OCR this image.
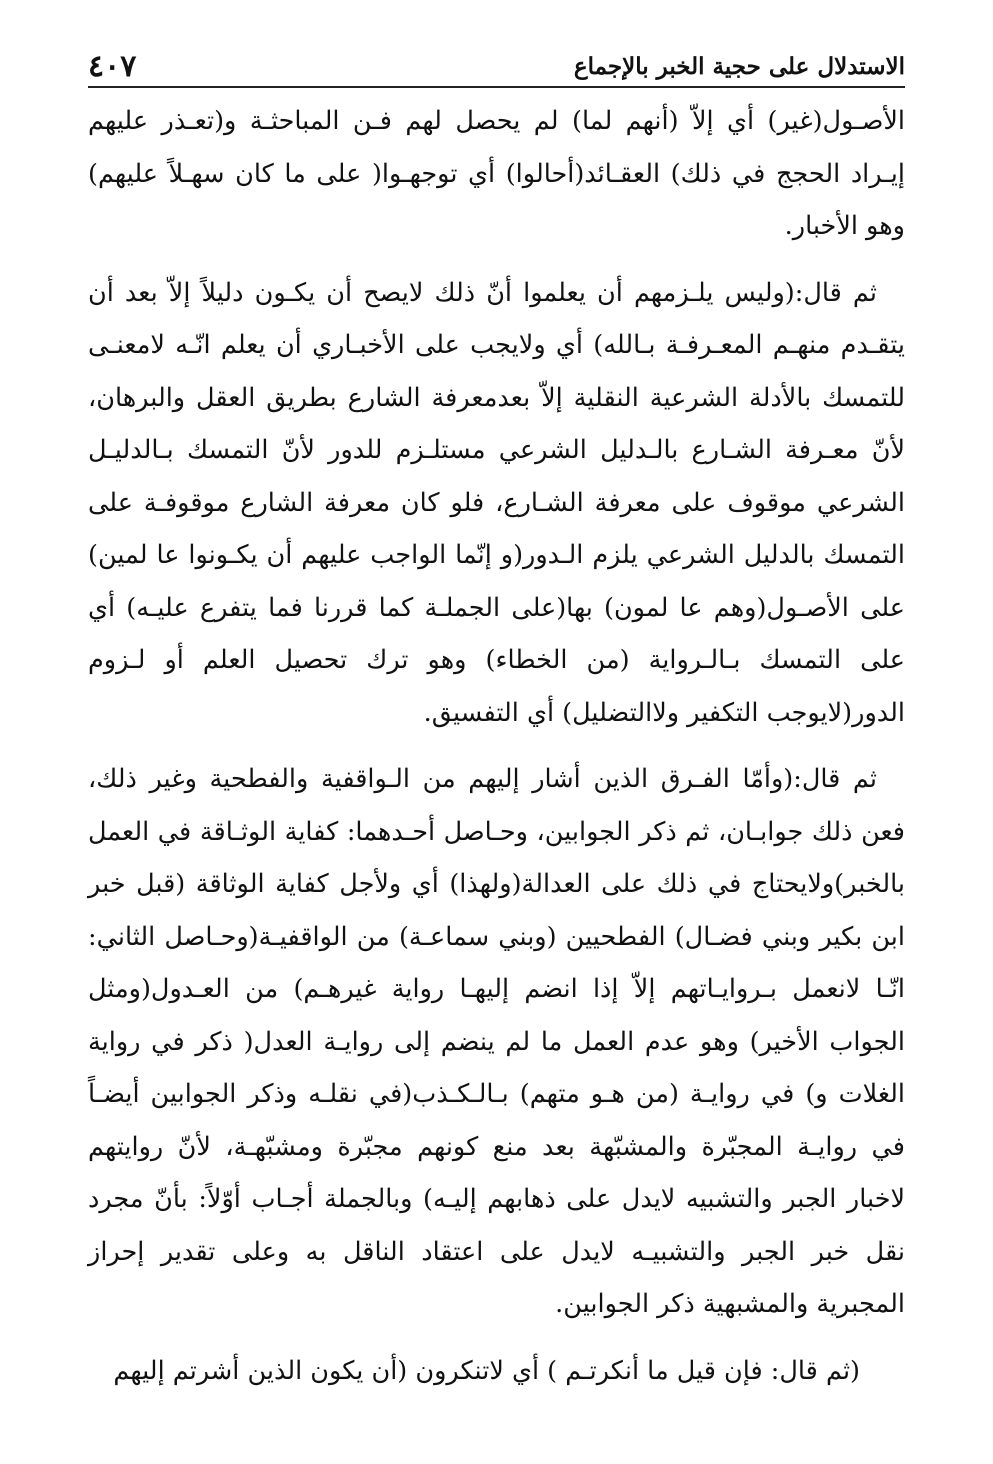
الاستدلال على حجية الخبر بالإجماع
٤٠٧

الأصـول(غير) أي إلاّ (أنهم لما) لم يحصل لهم فـن المباحثـة و(تعـذر عليهم إيـراد الحجج في ذلك) العقـائد(أحالوا) أي توجهـوا( على ما كان سهـلاً عليهم) وهو الأخبار.

ثم قال:(وليس يلـزمهم أن يعلموا أنّ ذلك لايصح أن يكـون دليلاً إلاّ بعد أن يتقـدم منهـم المعـرفـة بـالله) أي ولايجب على الأخبـاري أن يعلم انّـه لامعنـى للتمسك بالأدلة الشرعية النقلية إلاّ بعدمعرفة الشارع بطريق العقل والبرهان، لأنّ معـرفة الشـارع بالـدليل الشرعي مستلـزم للدور لأنّ التمسك بـالدليـل الشرعي موقوف على معرفة الشـارع، فلو كان معرفة الشارع موقوفـة على التمسك بالدليل الشرعي يلزم الـدور(و إنّما الواجب عليهم أن يكـونوا عا لمين) على الأصـول(وهم عا لمون) بها(على الجملـة كما قررنا فما يتفرع عليـه) أي على التمسك بـالـرواية (من الخطاء) وهو ترك تحصيل العلم أو لـزوم الدور(لايوجب التكفير ولاالتضليل) أي التفسيق.

ثم قال:(وأمّا الفـرق الذين أشار إليهم من الـواقفية والفطحية وغير ذلك، فعن ذلك جوابـان، ثم ذكر الجوابين، وحـاصل أحـدهما: كفاية الوثـاقة في العمل بالخبر)ولايحتاج في ذلك على العدالة(ولهذا) أي ولأجل كفاية الوثاقة (قبل خبر ابن بكير وبني فضـال) الفطحيين (وبني سماعـة) من الواقفيـة(وحـاصل الثاني: انّـا لانعمل بـروايـاتهم إلاّ إذا انضم إليهـا رواية غيرهـم) من العـدول(ومثل الجواب الأخير) وهو عدم العمل ما لم ينضم إلى روايـة العدل( ذكر في رواية الغلات و) في روايـة (من هـو متهم) بـالـكـذب(في نقلـه وذكر الجوابين أيضـاً في روايـة المجبّرة والمشبّهة بعد منع كونهم مجبّرة ومشبّهـة، لأنّ روايتهم لاخبار الجبر والتشبيه لايدل على ذهابهم إليـه) وبالجملة أجـاب أوّلاً: بأنّ مجرد نقل خبر الجبر والتشبيـه لايدل على اعتقاد الناقل به وعلى تقدير إحراز المجبرية والمشبهية ذكر الجوابين.

(ثم قال: فإن قيل ما أنكرتـم ) أي لاتنكرون (أن يكون الذين أشرتم إليهم
